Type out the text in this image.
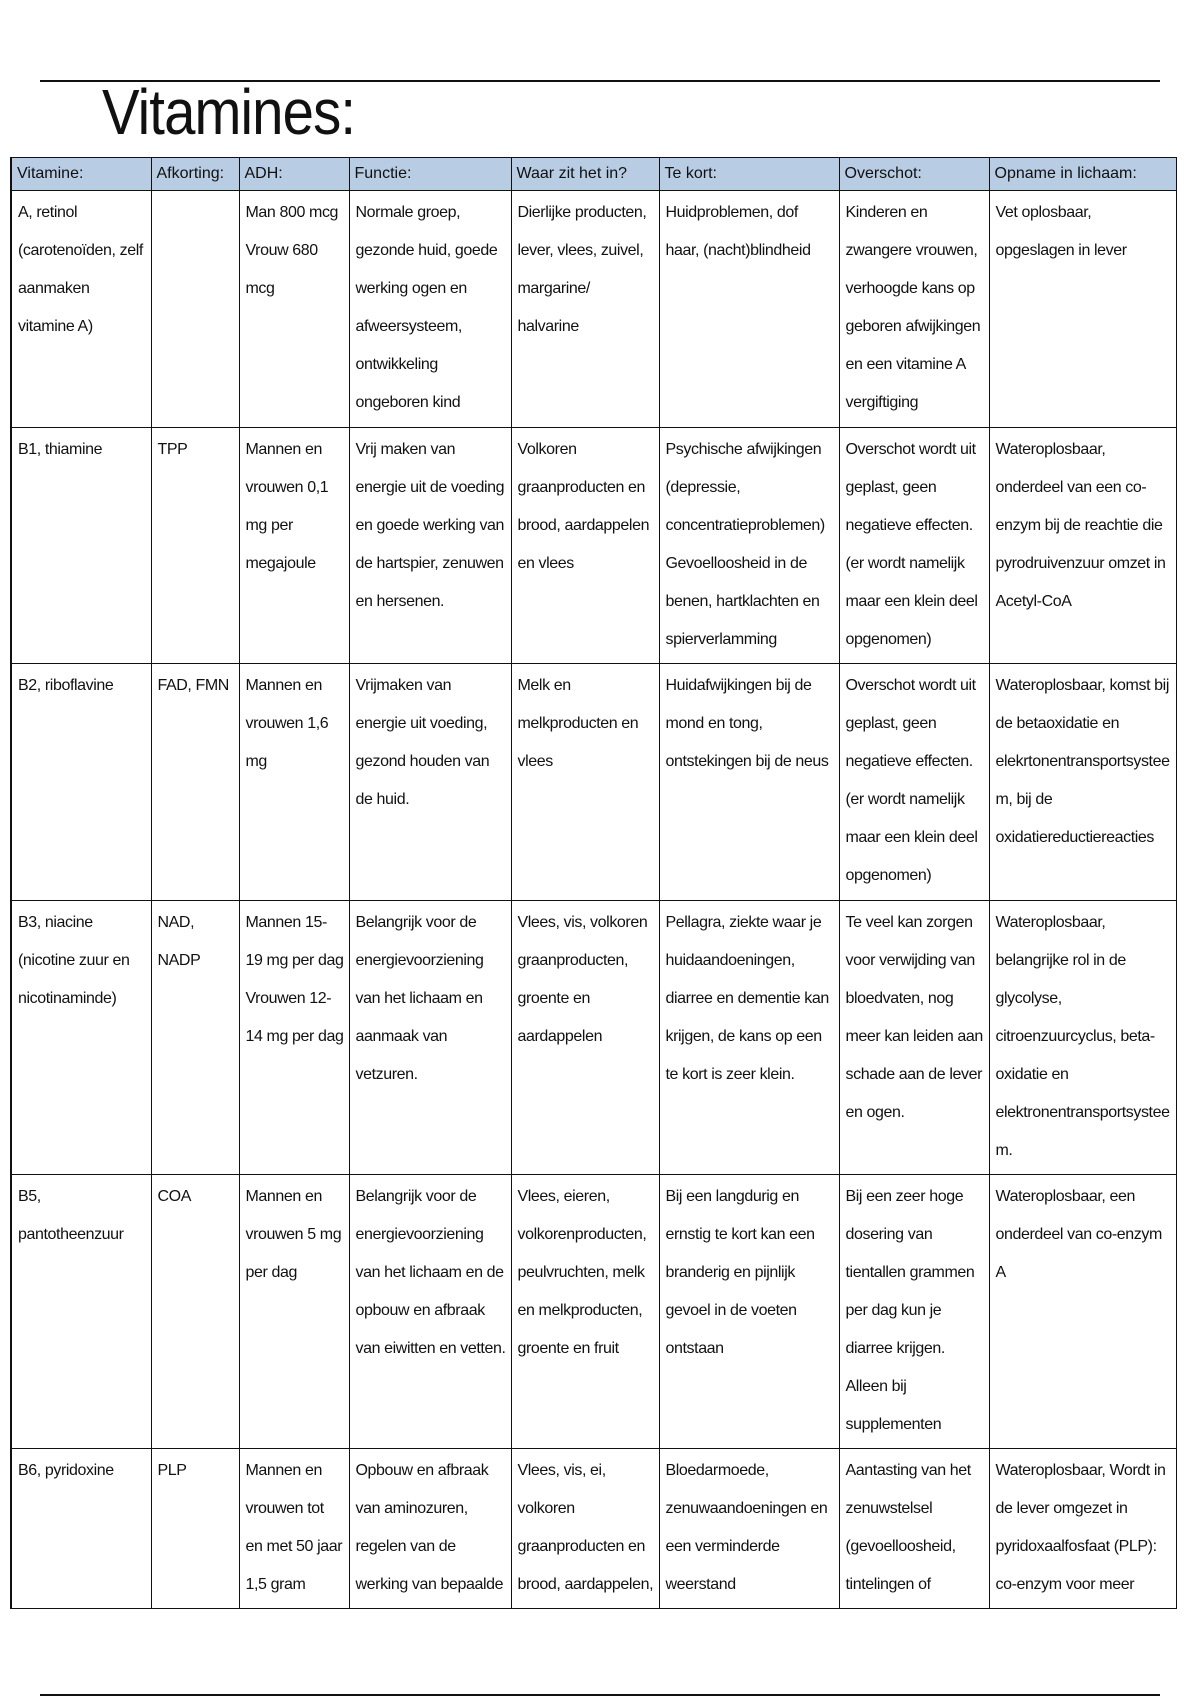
Vitamines:
Vitamine:	Afkorting:	ADH:	Functie:	Waar zit het in?	Te kort:	Overschot:	Opname in lichaam:

A, retinol (carotenoïden, zelf aanmaken vitamine A)		Man 800 mcg Vrouw 680 mcg	Normale groep, gezonde huid, goede werking ogen en afweersysteem, ontwikkeling ongeboren kind	Dierlijke producten, lever, vlees, zuivel, margarine/ halvarine	Huidproblemen, dof haar, (nacht)blindheid	Kinderen en zwangere vrouwen, verhoogde kans op geboren afwijkingen en een vitamine A vergiftiging	Vet oplosbaar, opgeslagen in lever

B1, thiamine	TPP	Mannen en vrouwen 0,1 mg per megajoule	Vrij maken van energie uit de voeding en goede werking van de hartspier, zenuwen en hersenen.	Volkoren graanproducten en brood, aardappelen en vlees	Psychische afwijkingen (depressie, concentratieproblemen) Gevoelloosheid in de benen, hartklachten en spierverlamming	Overschot wordt uit geplast, geen negatieve effecten. (er wordt namelijk maar een klein deel opgenomen)	Wateroplosbaar, onderdeel van een co-enzym bij de reachtie die pyrodruivenzuur omzet in Acetyl-CoA

B2, riboflavine	FAD, FMN	Mannen en vrouwen 1,6 mg	Vrijmaken van energie uit voeding, gezond houden van de huid.	Melk en melkproducten en vlees	Huidafwijkingen bij de mond en tong, ontstekingen bij de neus	Overschot wordt uit geplast, geen negatieve effecten. (er wordt namelijk maar een klein deel opgenomen)	Wateroplosbaar, komst bij de betaoxidatie en elekrtonentransportsysteem, bij de oxidatiereductiereacties

B3, niacine (nicotine zuur en nicotinaminde)	NAD, NADP	Mannen 15-19 mg per dag Vrouwen 12-14 mg per dag	Belangrijk voor de energievoorziening van het lichaam en aanmaak van vetzuren.	Vlees, vis, volkoren graanproducten, groente en aardappelen	Pellagra, ziekte waar je huidaandoeningen, diarree en dementie kan krijgen, de kans op een te kort is zeer klein.	Te veel kan zorgen voor verwijding van bloedvaten, nog meer kan leiden aan schade aan de lever en ogen.	Wateroplosbaar, belangrijke rol in de glycolyse, citroenzuurcyclus, beta-oxidatie en elektronentransportsysteem.

B5, pantotheenzuur	COA	Mannen en vrouwen 5 mg per dag	Belangrijk voor de energievoorziening van het lichaam en de opbouw en afbraak van eiwitten en vetten.	Vlees, eieren, volkorenproducten, peulvruchten, melk en melkproducten, groente en fruit	Bij een langdurig en ernstig te kort kan een branderig en pijnlijk gevoel in de voeten ontstaan	Bij een zeer hoge dosering van tientallen grammen per dag kun je diarree krijgen. Alleen bij supplementen	Wateroplosbaar, een onderdeel van co-enzym A

B6, pyridoxine	PLP	Mannen en vrouwen tot en met 50 jaar 1,5 gram	Opbouw en afbraak van aminozuren, regelen van de werking van bepaalde	Vlees, vis, ei, volkoren graanproducten en brood, aardappelen,	Bloedarmoede, zenuwaandoeningen en een verminderde weerstand	Aantasting van het zenuwstelsel (gevoelloosheid, tintelingen of	Wateroplosbaar, Wordt in de lever omgezet in pyridoxaalfosfaat (PLP): co-enzym voor meer
